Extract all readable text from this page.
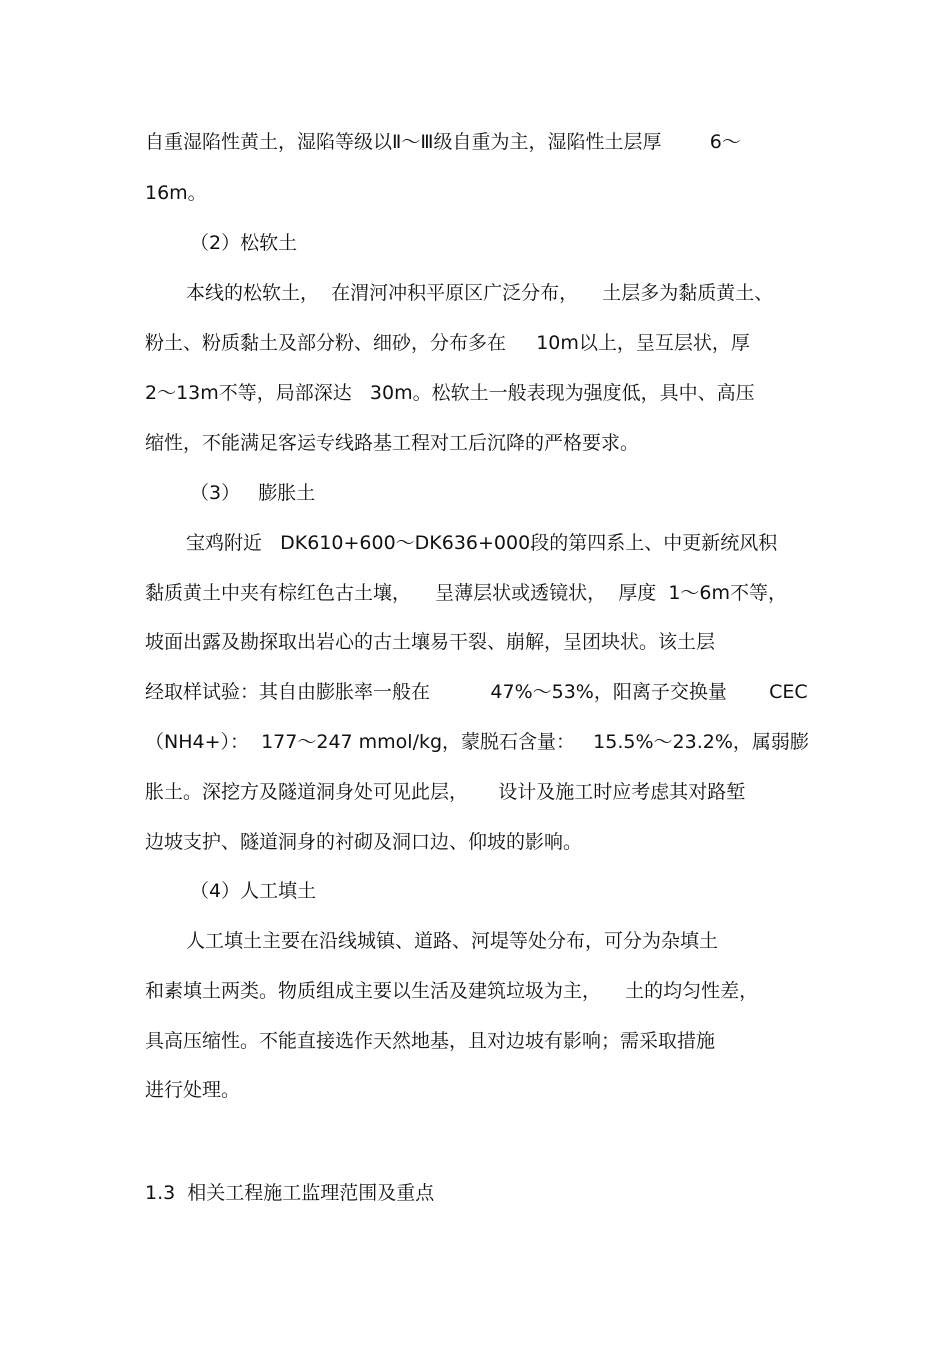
自重湿陷性黄土，湿陷等级以Ⅱ～Ⅲ级自重为主，湿陷性土层厚        6～
16m。
（2）松软土
本线的松软土，  在渭河冲积平原区广泛分布，    土层多为黏质黄土、
粉土、粉质黏土及部分粉、细砂，分布多在     10m以上，呈互层状，厚
2～13m不等，局部深达   30m。松软土一般表现为强度低，具中、高压
缩性，不能满足客运专线路基工程对工后沉降的严格要求。
（3）   膨胀土
宝鸡附近   DK610+600～DK636+000段的第四系上、中更新统风积
黏质黄土中夹有棕红色古土壤，    呈薄层状或透镜状，  厚度  1～6m不等，
坡面出露及勘探取出岩心的古土壤易干裂、崩解，呈团块状。该土层
经取样试验：其自由膨胀率一般在          47%～53%，阳离子交换量       CEC
（NH4+）：  177～247 mmol/kg，蒙脱石含量：   15.5%～23.2%，属弱膨
胀土。深挖方及隧道洞身处可见此层，     设计及施工时应考虑其对路堑
边坡支护、隧道洞身的衬砌及洞口边、仰坡的影响。
（4）人工填土
人工填土主要在沿线城镇、道路、河堤等处分布，可分为杂填土
和素填土两类。物质组成主要以生活及建筑垃圾为主，    土的均匀性差，
具高压缩性。不能直接选作天然地基，且对边坡有影响；需采取措施
进行处理。
1.3  相关工程施工监理范围及重点
